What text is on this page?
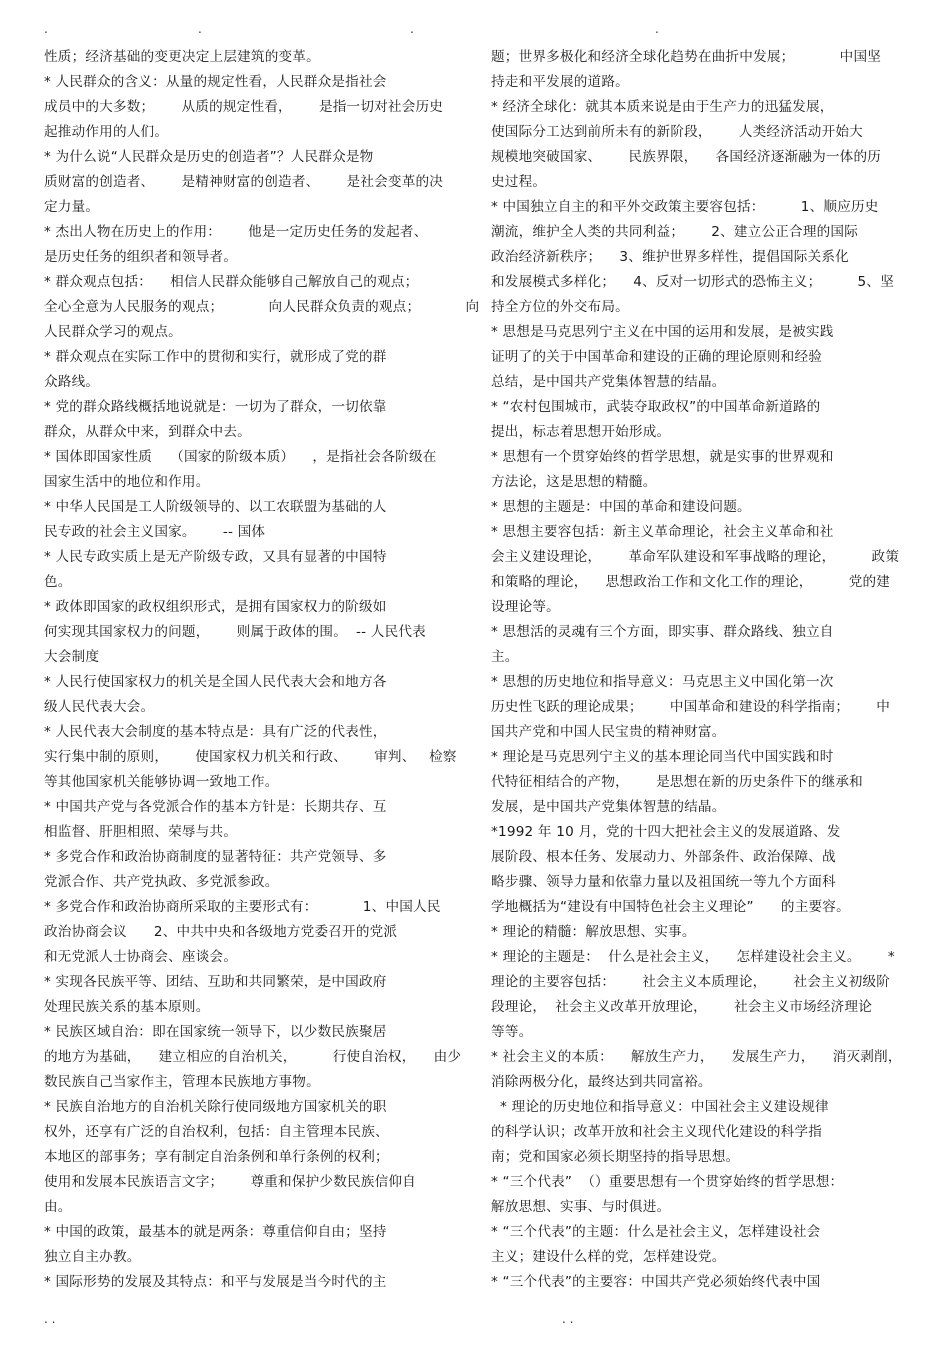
.	.	.	.
性质；经济基础的变更决定上层建筑的变革。
* 人民群众的含义：从量的规定性看，人民群众是指社会
成员中的大多数；      从质的规定性看，      是指一切对社会历史
起推动作用的人们。
* 为什么说“人民群众是历史的创造者”？人民群众是物
质财富的创造者、      是精神财富的创造者、      是社会变革的决
定力量。
* 杰出人物在历史上的作用：      他是一定历史任务的发起者、
是历史任务的组织者和领导者。
* 群众观点包括：    相信人民群众能够自己解放自己的观点；
全心全意为人民服务的观点；          向人民群众负责的观点；          向
人民群众学习的观点。
* 群众观点在实际工作中的贯彻和实行，就形成了党的群
众路线。
* 党的群众路线概括地说就是：一切为了群众，一切依靠
群众，从群众中来，到群众中去。
* 国体即国家性质    （国家的阶级本质）    ，是指社会各阶级在
国家生活中的地位和作用。
* 中华人民国是工人阶级领导的、以工农联盟为基础的人
民专政的社会主义国家。      -- 国体
* 人民专政实质上是无产阶级专政，又具有显著的中国特
色。
* 政体即国家的政权组织形式，是拥有国家权力的阶级如
何实现其国家权力的问题，      则属于政体的围。  -- 人民代表
大会制度
* 人民行使国家权力的机关是全国人民代表大会和地方各
级人民代表大会。
* 人民代表大会制度的基本特点是：具有广泛的代表性，
实行集中制的原则，      使国家权力机关和行政、      审判、   检察
等其他国家机关能够协调一致地工作。
* 中国共产党与各党派合作的基本方针是：长期共存、互
相监督、肝胆相照、荣辱与共。
* 多党合作和政治协商制度的显著特征：共产党领导、多
党派合作、共产党执政、多党派参政。
* 多党合作和政治协商所采取的主要形式有：          1、中国人民
政治协商会议      2、中共中央和各级地方党委召开的党派
和无党派人士协商会、座谈会。
* 实现各民族平等、团结、互助和共同繁荣，是中国政府
处理民族关系的基本原则。
* 民族区域自治：即在国家统一领导下，以少数民族聚居
的地方为基础，    建立相应的自治机关，        行使自治权，    由少
数民族自己当家作主，管理本民族地方事物。
* 民族自治地方的自治机关除行使同级地方国家机关的职
权外，还享有广泛的自治权利，包括：自主管理本民族、
本地区的部事务；享有制定自治条例和单行条例的权利；
使用和发展本民族语言文字；      尊重和保护少数民族信仰自
由。
* 中国的政策，最基本的就是两条：尊重信仰自由；坚持
独立自主办教。
* 国际形势的发展及其特点：和平与发展是当今时代的主
题；世界多极化和经济全球化趋势在曲折中发展；          中国坚
持走和平发展的道路。
* 经济全球化：就其本质来说是由于生产力的迅猛发展，
使国际分工达到前所未有的新阶段，      人类经济活动开始大
规模地突破国家、      民族界限，    各国经济逐渐融为一体的历
史过程。
* 中国独立自主的和平外交政策主要容包括：        1、顺应历史
潮流，维护全人类的共同利益；      2、建立公正合理的国际
政治经济新秩序；    3、维护世界多样性，提倡国际关系化
和发展模式多样化；    4、反对一切形式的恐怖主义；        5、坚
持全方位的外交布局。
* 思想是马克思列宁主义在中国的运用和发展，是被实践
证明了的关于中国革命和建设的正确的理论原则和经验
总结，是中国共产党集体智慧的结晶。
* “农村包围城市，武装夺取政权”的中国革命新道路的
提出，标志着思想开始形成。
* 思想有一个贯穿始终的哲学思想，就是实事的世界观和
方法论，这是思想的精髓。
* 思想的主题是：中国的革命和建设问题。
* 思想主要容包括：新主义革命理论，社会主义革命和社
会主义建设理论，      革命军队建设和军事战略的理论，        政策
和策略的理论，    思想政治工作和文化工作的理论，        党的建
设理论等。
* 思想活的灵魂有三个方面，即实事、群众路线、独立自
主。
* 思想的历史地位和指导意义：马克思主义中国化第一次
历史性飞跃的理论成果；      中国革命和建设的科学指南；      中
国共产党和中国人民宝贵的精神财富。
* 理论是马克思列宁主义的基本理论同当代中国实践和时
代特征相结合的产物，      是思想在新的历史条件下的继承和
发展，是中国共产党集体智慧的结晶。
*1992 年 10 月，党的十四大把社会主义的发展道路、发
展阶段、根本任务、发展动力、外部条件、政治保障、战
略步骤、领导力量和依靠力量以及祖国统一等九个方面科
学地概括为“建设有中国特色社会主义理论”      的主要容。
* 理论的精髓：解放思想、实事。
* 理论的主题是：  什么是社会主义，    怎样建设社会主义。      *
理论的主要容包括：      社会主义本质理论，      社会主义初级阶
段理论，  社会主义改革开放理论，      社会主义市场经济理论
等等。
* 社会主义的本质：    解放生产力，    发展生产力，    消灭剥削，
消除两极分化，最终达到共同富裕。
* 理论的历史地位和指导意义：中国社会主义建设规律
的科学认识；改革开放和社会主义现代化建设的科学指
南；党和国家必须长期坚持的指导思想。
* “三个代表”  （）重要思想有一个贯穿始终的哲学思想：
解放思想、实事、与时俱进。
* “三个代表”的主题：什么是社会主义，怎样建设社会
主义；建设什么样的党，怎样建设党。
* “三个代表”的主要容：中国共产党必须始终代表中国
. .	. .
